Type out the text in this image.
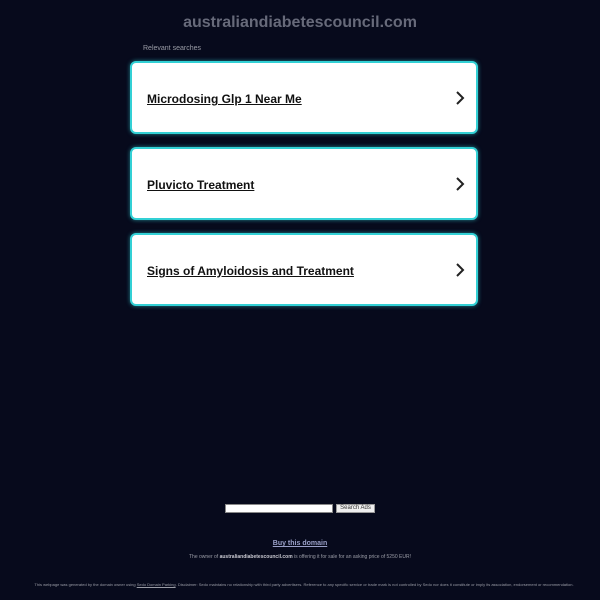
australiandiabetescouncil.com
Relevant searches
Microdosing Glp 1 Near Me
Pluvicto Treatment
Signs of Amyloidosis and Treatment
Search Ads
Buy this domain
The owner of australiandiabetescouncil.com is offering it for sale for an asking price of 5250 EUR!
This webpage was generated by the domain owner using Sedo Domain Parking. Disclaimer: Sedo maintains no relationship with third party advertisers. Reference to any specific service or trade mark is not controlled by Sedo nor does it constitute or imply its association, endorsement or recommendation.
